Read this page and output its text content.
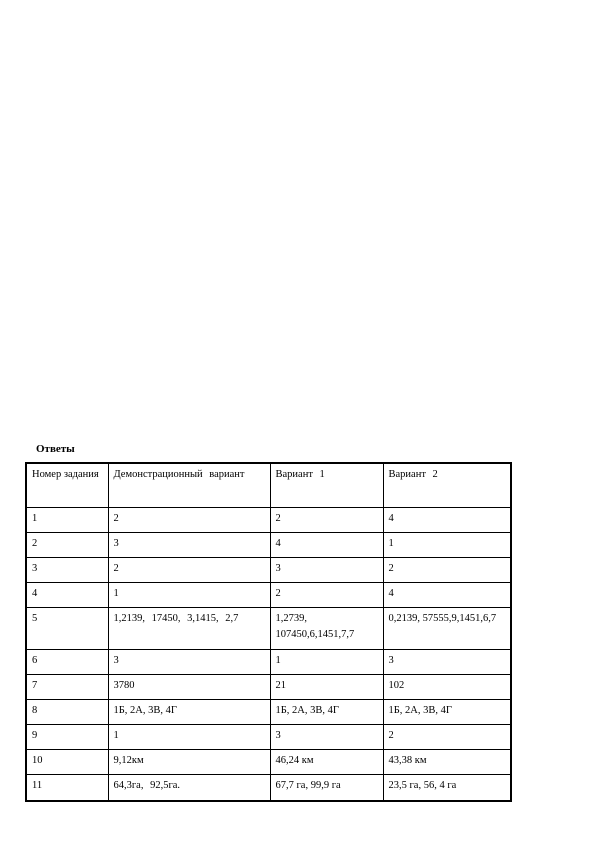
Ответы
Номер задания	Демонстрационный вариант	Вариант 1	Вариант 2
1	2	2	4
2	3	4	1
3	2	3	2
4	1	2	4
5	1,2139, 17450, 3,1415, 2,7	1,2739, 107450,6,1451,7,7	0,2139, 57555,9,1451,6,7
6	3	1	3
7	3780	21	102
8	1Б, 2А, 3В, 4Г	1Б, 2А, 3В, 4Г	1Б, 2А, 3В, 4Г
9	1	3	2
10	9,12км	46,24 км	43,38 км
11	64,3га, 92,5га.	67,7 га, 99,9 га	23,5 га, 56, 4 га
